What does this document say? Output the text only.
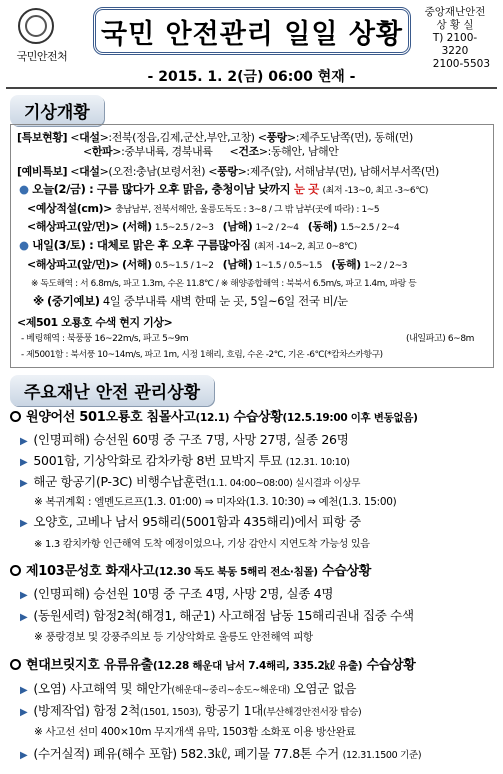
국민안전처
국민 안전관리 일일 상황
중앙재난안전
상 황 실
T) 2100-3220
2100-5503
- 2015. 1. 2(금) 06:00 현재 -
기상개황
[특보현황] <대설>:전북(정읍,김제,군산,부안,고창) <풍랑>:제주도남쪽(먼), 동해(먼)
<한파>:중부내륙, 경북내륙 <건조>:동해안, 남해안
[예비특보] <대설>(오전:충남(보령서천) <풍랑>:제주(앞), 서해남부(먼), 남해서부서쪽(먼)
● 오늘(2/금) : 구름 많다가 오후 맑음, 충청이남 낮까지 눈 곳 (최저 -13~0, 최고 -3~6℃)
<예상적설(cm)> 충남남부, 전북서해안, 울릉도독도 : 3~8 / 그 밖 남부(곳에 따라) : 1~5
<해상파고(앞/먼)> (서해) 1.5~2.5 / 2~3 (남해) 1~2 / 2~4 (동해) 1.5~2.5 / 2~4
● 내일(3/토) : 대체로 맑은 후 오후 구름많아짐 (최저 -14~2, 최고 0~8℃)
<해상파고(앞/먼)> (서해) 0.5~1.5 / 1~2 (남해) 1~1.5 / 0.5~1.5 (동해) 1~2 / 2~3
※ 독도해역 : 서 6.8m/s, 파고 1.3m, 수온 11.8℃ / ※ 해양종합해역 : 북북서 6.5m/s, 파고 1.4m, 파랑 등
※ (중기예보) 4일 중부내륙 새벽 한때 눈 곳, 5일~6일 전국 비/눈
<제501 오룡호 수색 현지 기상>
- 베링해역 : 북풍풍 16~22m/s, 파고 5~9m	(내일파고) 6~8m
- 제5001함 : 북서풍 10~14m/s, 파고 1m, 시정 1해리, 흐림, 수온 -2℃, 기온 -6℃(*캄차스카항구)
주요재난 안전 관리상황
원양어선 501오룡호 침몰사고(12.1) 수습상황(12.5.19:00 이후 변동없음)
▶ (인명피해) 승선원 60명 중 구조 7명, 사망 27명, 실종 26명
▶ 5001함, 기상악화로 캄차카항 8번 묘박지 투묘 (12.31. 10:10)
▶ 해군 항공기(P-3C) 비행수납훈련(1.1. 04:00~08:00) 실시결과 이상무
※ 복귀계획 : 엘멘도르프(1.3. 01:00) ⇒ 미자와(1.3. 10:30) ⇒ 예천(1.3. 15:00)
▶ 오양호, 고베나 남서 95해리(5001함과 435해리)에서 피항 중
※ 1.3 캄치카항 인근해역 도착 예정이었으나, 기상 감안시 지연도착 가능성 있음
제103문성호 화재사고(12.30 독도 북동 5해리 전소·침몰) 수습상황
▶ (인명피해) 승선원 10명 중 구조 4명, 사망 2명, 실종 4명
▶ (동원세력) 함정2척(해경1, 해군1) 사고해점 남동 15해리권내 집중 수색
※ 풍랑경보 및 강풍주의보 등 기상악화로 울릉도 안전해역 피항
현대브릿지호 유류유출(12.28 해운대 남서 7.4해리, 335.2㎘ 유출) 수습상황
▶ (오염) 사고해역 및 해안가(해운대~중리~송도~해운대) 오염군 없음
▶ (방제작업) 함정 2척(1501, 1503), 항공기 1대(부산해경안전서장 탑승)
※ 사고선 선미 400×10m 무지개색 유막, 1503함 소화포 이용 방산완료
▶ (수거실적) 폐유(해수 포함) 582.3㎘, 폐기물 77.8톤 수거 (12.31.1500 기준)
